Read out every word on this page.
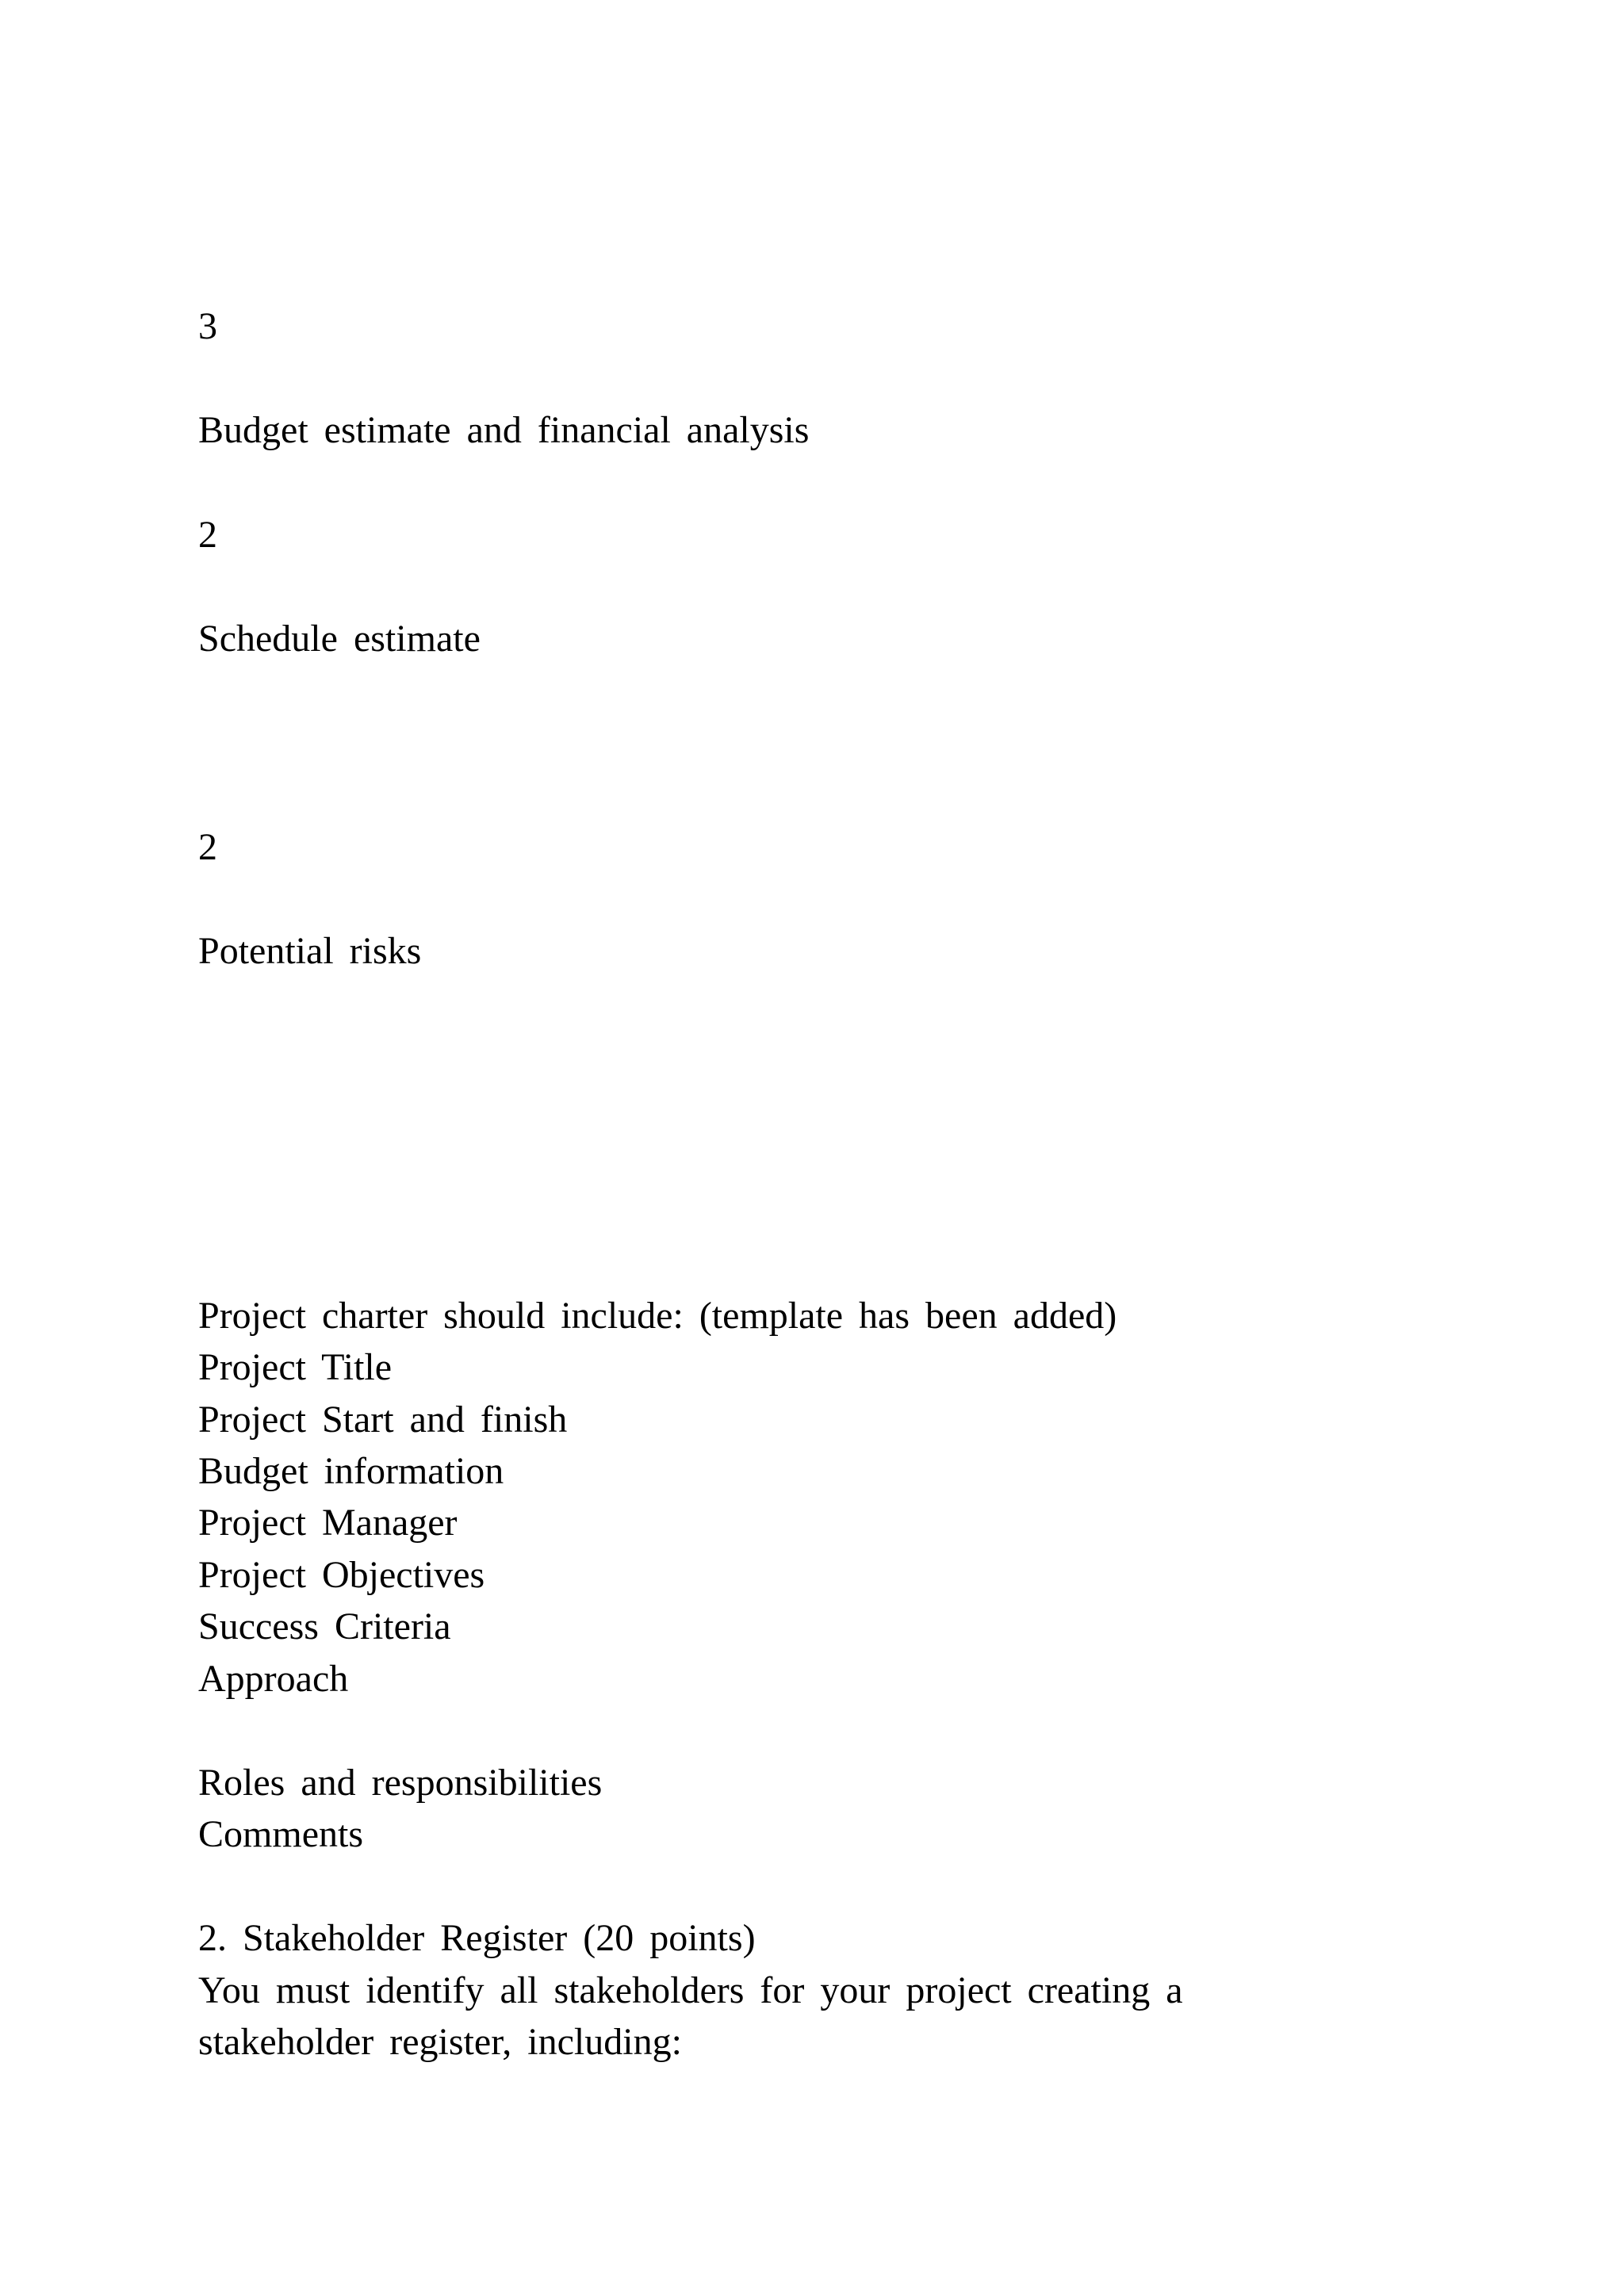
3

Budget estimate and financial analysis

2

Schedule estimate

2

Potential risks

Project charter should include: (template has been added)

Project Title

Project Start and finish

Budget information

Project Manager

Project Objectives

Success Criteria

Approach

Roles and responsibilities

Comments

2. Stakeholder Register (20 points)

You must identify all stakeholders for your project creating a

stakeholder register, including:
